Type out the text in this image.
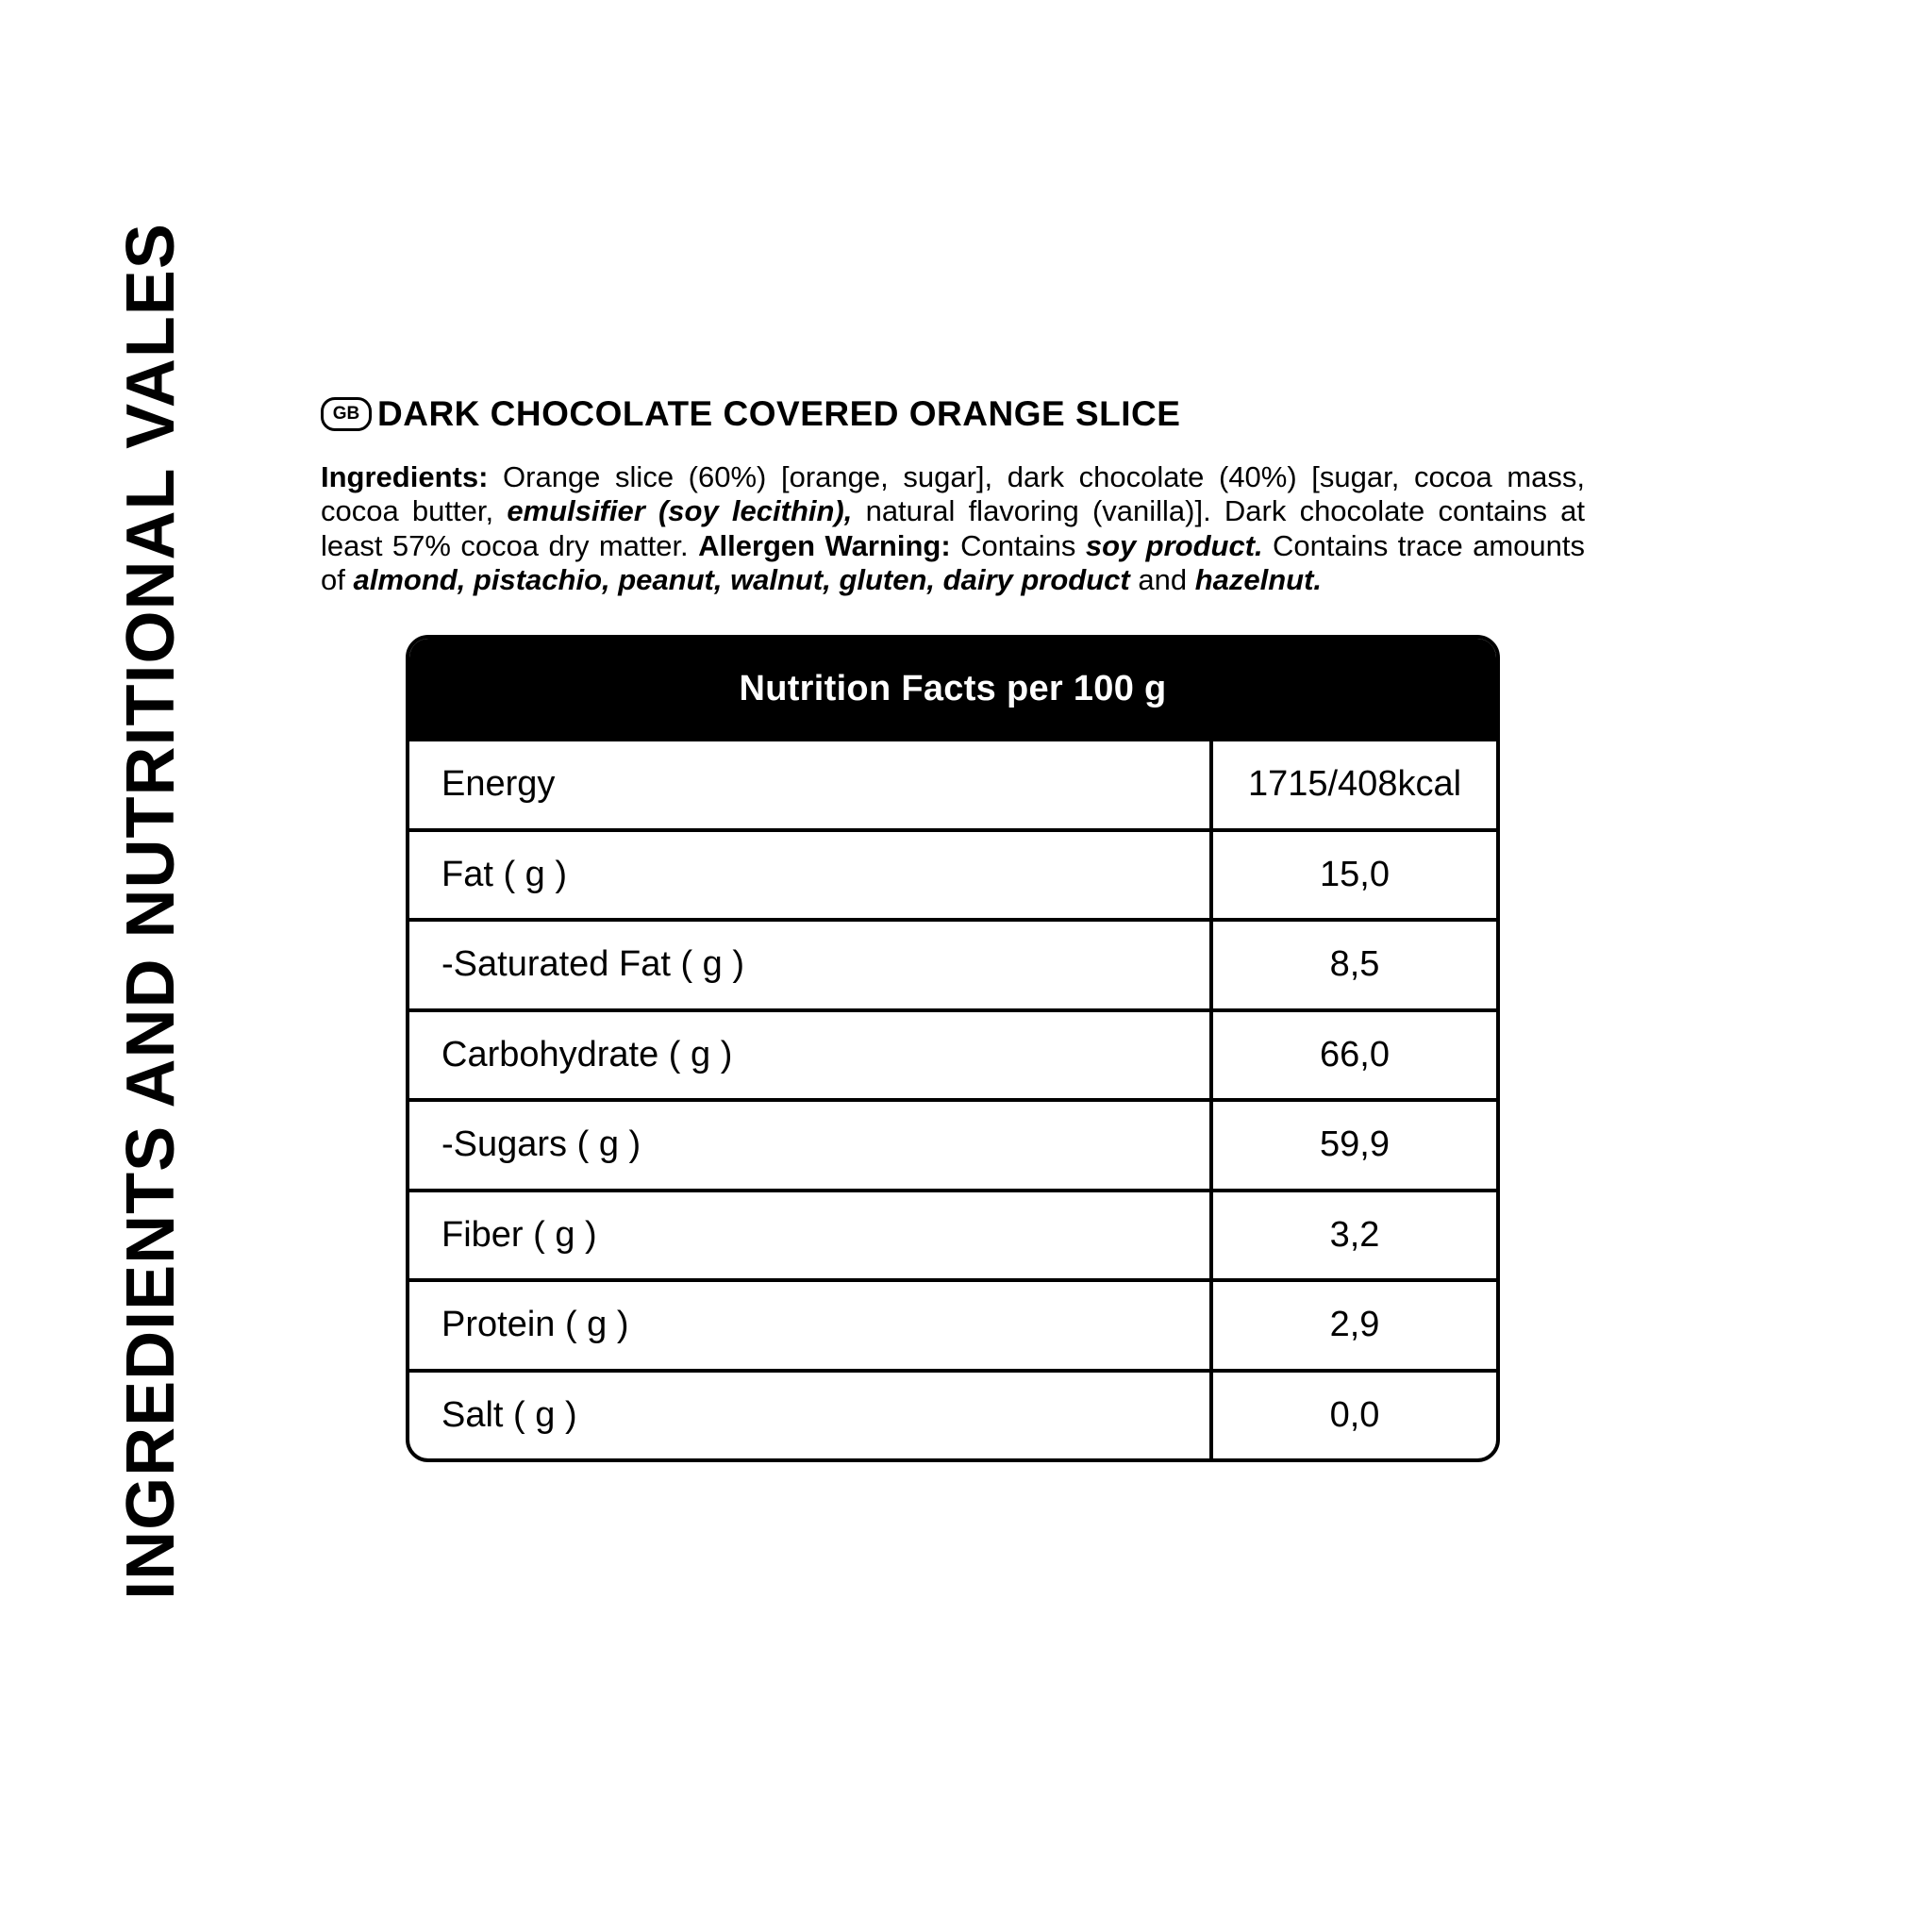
INGREDIENTS AND NUTRITIONAL VALES	GB DARK CHOCOLATE COVERED ORANGE SLICE

Ingredients: Orange slice (60%) [orange, sugar], dark chocolate (40%) [sugar, cocoa mass, cocoa butter, emulsifier (soy lecithin), natural flavoring (vanilla)]. Dark chocolate contains at least 57% cocoa dry matter. Allergen Warning: Contains soy product. Contains trace amounts of almond, pistachio, peanut, walnut, gluten, dairy product and hazelnut.

Nutrition Facts per 100 g
Energy	1715/408kcal
Fat ( g )	15,0
-Saturated Fat ( g )	8,5
Carbohydrate ( g )	66,0
-Sugars ( g )	59,9
Fiber ( g )	3,2
Protein ( g )	2,9
Salt ( g )	0,0
